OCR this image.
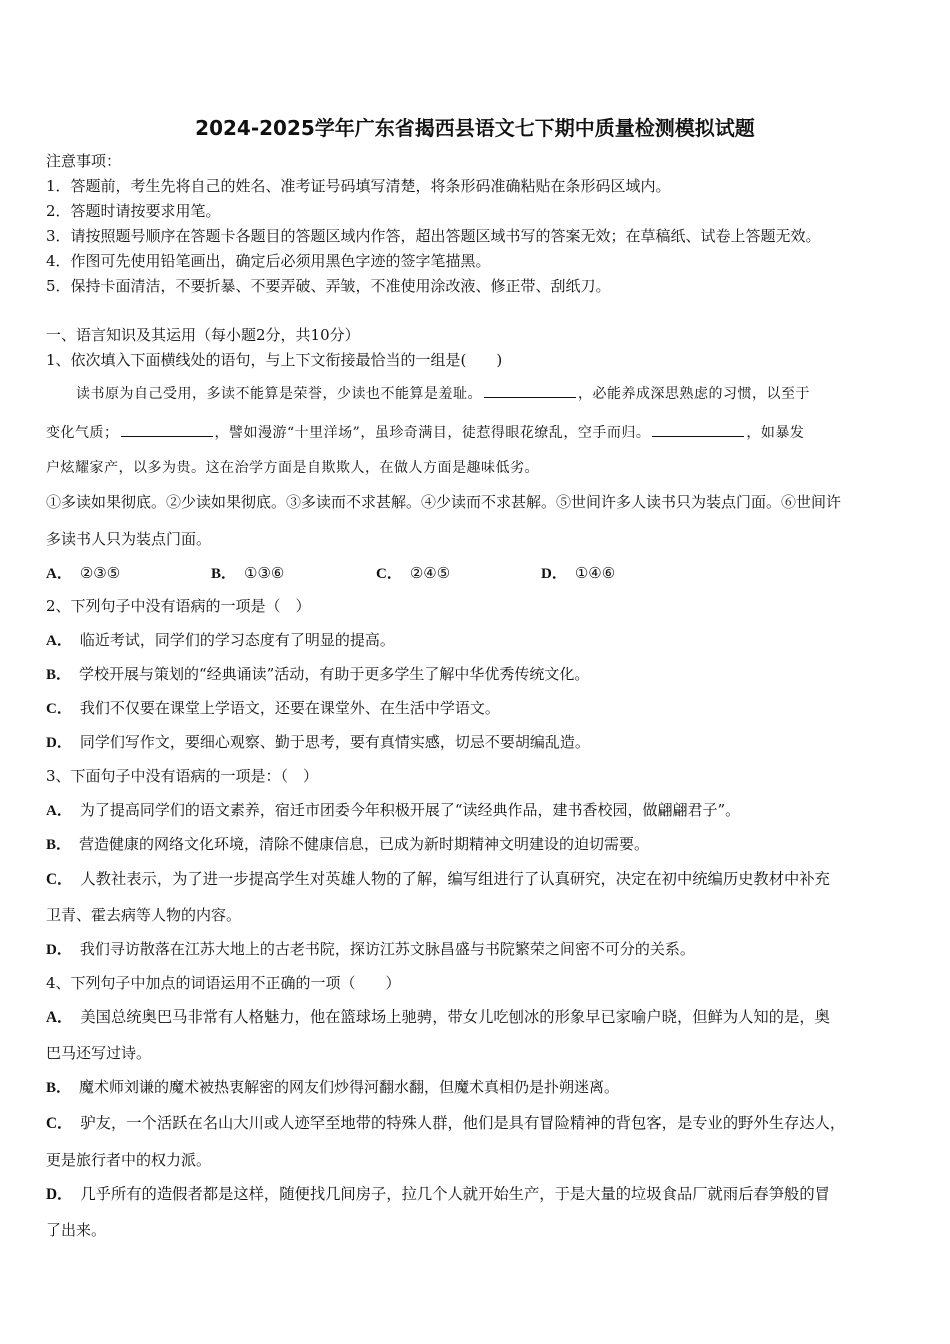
2024-2025学年广东省揭西县语文七下期中质量检测模拟试题
注意事项：
1．答题前，考生先将自己的姓名、准考证号码填写清楚，将条形码准确粘贴在条形码区域内。
2．答题时请按要求用笔。
3．请按照题号顺序在答题卡各题目的答题区域内作答，超出答题区域书写的答案无效；在草稿纸、试卷上答题无效。
4．作图可先使用铅笔画出，确定后必须用黑色字迹的签字笔描黑。
5．保持卡面清洁，不要折暴、不要弄破、弄皱，不准使用涂改液、修正带、刮纸刀。
一、语言知识及其运用（每小题2分，共10分）
1、依次填入下面横线处的语句，与上下文衔接最恰当的一组是(　　)
读书原为自己受用，多读不能算是荣誉，少读也不能算是羞耻。	，必能养成深思熟虑的习惯，以至于
变化气质；	，譬如漫游“十里洋场”，虽珍奇满目，徒惹得眼花缭乱，空手而归。	，如暴发
户炫耀家产，以多为贵。这在治学方面是自欺欺人，在做人方面是趣味低劣。
①多读如果彻底。②少读如果彻底。③多读而不求甚解。④少读而不求甚解。⑤世间许多人读书只为装点门面。⑥世间许
多读书人只为装点门面。
A． ②③⑤	B． ①③⑥	C． ②④⑤	D． ①④⑥
2、下列句子中没有语病的一项是（　）
A． 临近考试，同学们的学习态度有了明显的提高。
B． 学校开展与策划的“经典诵读”活动，有助于更多学生了解中华优秀传统文化。
C． 我们不仅要在课堂上学语文，还要在课堂外、在生活中学语文。
D． 同学们写作文，要细心观察、勤于思考，要有真情实感，切忌不要胡编乱造。
3、下面句子中没有语病的一项是：（　）
A． 为了提高同学们的语文素养，宿迁市团委今年积极开展了“读经典作品，建书香校园，做翩翩君子”。
B． 营造健康的网络文化环境，清除不健康信息，已成为新时期精神文明建设的迫切需要。
C． 人教社表示，为了进一步提高学生对英雄人物的了解，编写组进行了认真研究，决定在初中统编历史教材中补充
卫青、霍去病等人物的内容。
D． 我们寻访散落在江苏大地上的古老书院，探访江苏文脉昌盛与书院繁荣之间密不可分的关系。
4、下列句子中加点的词语运用不正确的一项（　　）
A． 美国总统奥巴马非常有人格魅力，他在篮球场上驰骋，带女儿吃刨冰的形象早已家喻户晓，但鲜为人知的是，奥
巴马还写过诗。
B． 魔术师刘谦的魔术被热衷解密的网友们炒得河翻水翻，但魔术真相仍是扑朔迷离。
C． 驴友，一个活跃在名山大川或人迹罕至地带的特殊人群，他们是具有冒险精神的背包客，是专业的野外生存达人，
更是旅行者中的权力派。
D． 几乎所有的造假者都是这样，随便找几间房子，拉几个人就开始生产，于是大量的垃圾食品厂就雨后春笋般的冒
了出来。
